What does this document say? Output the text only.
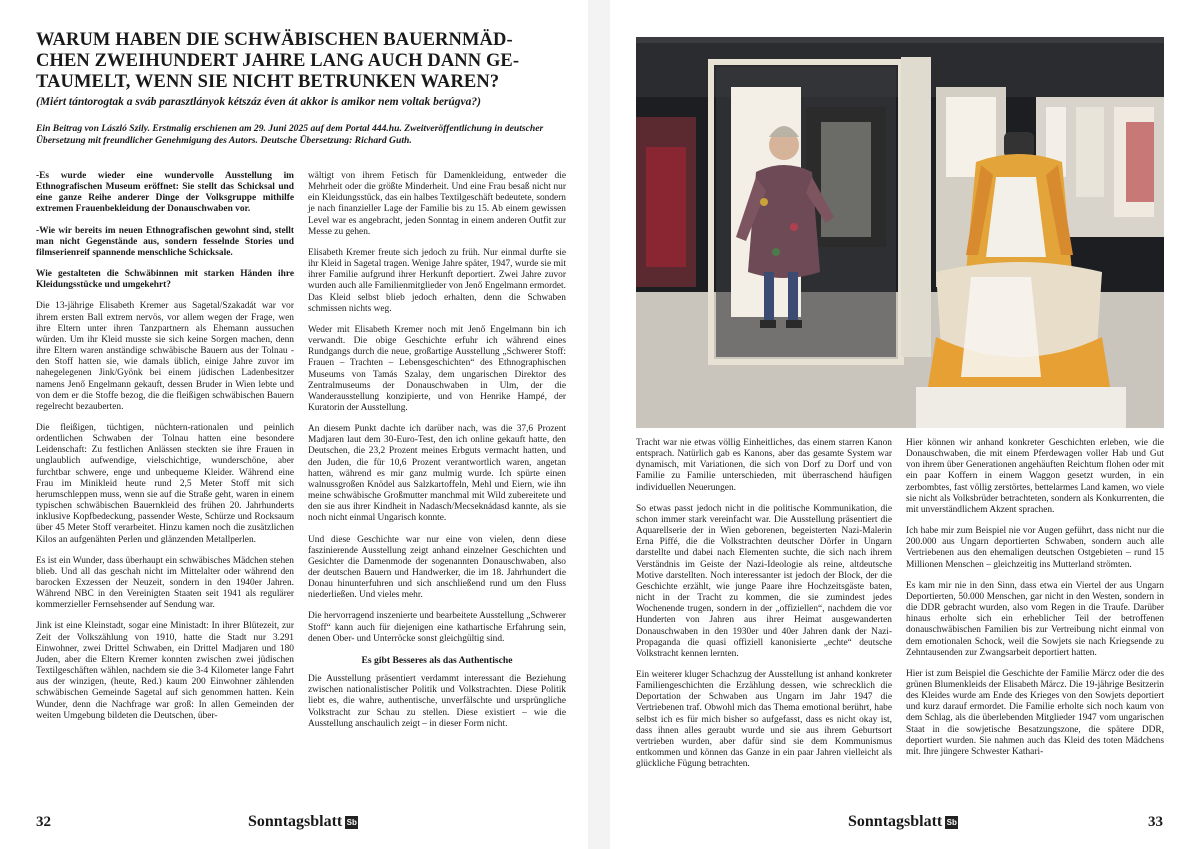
WARUM HABEN DIE SCHWÄBISCHEN BAUERNMÄD-CHEN ZWEIHUNDERT JAHRE LANG AUCH DANN GE-TAUMELT, WENN SIE NICHT BETRUNKEN WAREN?

(Miért tántorogtak a sváb parasztlányok kétszáz éven át akkor is amikor nem voltak berúgva?)

Ein Beitrag von László Szily. Erstmalig erschienen am 29. Juni 2025 auf dem Portal 444.hu. Zweitveröffentlichung in deutscher Übersetzung mit freundlicher Genehmigung des Autors. Deutsche Übersetzung: Richard Guth.

-Es wurde wieder eine wundervolle Ausstellung im Ethnografischen Museum eröffnet: Sie stellt das Schicksal und eine ganze Reihe anderer Dinge der Volksgruppe mithilfe extremen Frauenbekleidung der Donauschwaben vor.

-Wie wir bereits im neuen Ethnografischen gewohnt sind, stellt man nicht Gegenstände aus, sondern fesselnde Stories und filmserienreif spannende menschliche Schicksale.

Wie gestalteten die Schwäbinnen mit starken Händen ihre Kleidungsstücke und umgekehrt?

Die 13-jährige Elisabeth Kremer aus Sagetal/Szakadát war vor ihrem ersten Ball extrem nervös, vor allem wegen der Frage, wen ihre Eltern unter ihren Tanzpartnern als Ehemann aussuchen würden. Um ihr Kleid musste sie sich keine Sorgen machen, denn ihre Eltern waren anständige schwäbische Bauern aus der Tolnau - den Stoff hatten sie, wie damals üblich, einige Jahre zuvor im nahegelegenen Jink/Gyönk bei einem jüdischen Ladenbesitzer namens Jenő Engelmann gekauft, dessen Bruder in Wien lebte und von dem er die Stoffe bezog, die die fleißigen schwäbischen Bauern regelrecht bezauberten.

Die fleißigen, tüchtigen, nüchtern-rationalen und peinlich ordentlichen Schwaben der Tolnau hatten eine besondere Leidenschaft: Zu festlichen Anlässen steckten sie ihre Frauen in unglaublich aufwendige, vielschichtige, wunderschöne, aber furchtbar schwere, enge und unbequeme Kleider. Während eine Frau im Minikleid heute rund 2,5 Meter Stoff mit sich herumschleppen muss, wenn sie auf die Straße geht, waren in einem typischen schwäbischen Bauernkleid des frühen 20. Jahrhunderts inklusive Kopfbedeckung, passender Weste, Schürze und Rocksaum über 45 Meter Stoff verarbeitet. Hinzu kamen noch die zusätzlichen Kilos an aufgenähten Perlen und glänzenden Metallperlen.

Es ist ein Wunder, dass überhaupt ein schwäbisches Mädchen stehen blieb. Und all das geschah nicht im Mittelalter oder während den barocken Exzessen der Neuzeit, sondern in den 1940er Jahren. Während NBC in den Vereinigten Staaten seit 1941 als regulärer kommerzieller Fernsehsender auf Sendung war.

Jink ist eine Kleinstadt, sogar eine Ministadt: In ihrer Blütezeit, zur Zeit der Volkszählung von 1910, hatte die Stadt nur 3.291 Einwohner, zwei Drittel Schwaben, ein Drittel Madjaren und 180 Juden, aber die Eltern Kremer konnten zwischen zwei jüdischen Textilgeschäften wählen, nachdem sie die 3-4 Kilometer lange Fahrt aus der winzigen, (heute, Red.) kaum 200 Einwohner zählenden schwäbischen Gemeinde Sagetal auf sich genommen hatten. Kein Wunder, denn die Nachfrage war groß: In allen Gemeinden der weiten Umgebung bildeten die Deutschen, über-

wältigt von ihrem Fetisch für Damenkleidung, entweder die Mehrheit oder die größte Minderheit. Und eine Frau besaß nicht nur ein Kleidungsstück, das ein halbes Textilgeschäft bedeutete, sondern je nach finanzieller Lage der Familie bis zu 15. Ab einem gewissen Level war es angebracht, jeden Sonntag in einem anderen Outfit zur Messe zu gehen.

Elisabeth Kremer freute sich jedoch zu früh. Nur einmal durfte sie ihr Kleid in Sagetal tragen. Wenige Jahre später, 1947, wurde sie mit ihrer Familie aufgrund ihrer Herkunft deportiert. Zwei Jahre zuvor wurden auch alle Familienmitglieder von Jenő Engelmann ermordet. Das Kleid selbst blieb jedoch erhalten, denn die Schwaben schmissen nichts weg.

Weder mit Elisabeth Kremer noch mit Jenő Engelmann bin ich verwandt. Die obige Geschichte erfuhr ich während eines Rundgangs durch die neue, großartige Ausstellung „Schwerer Stoff: Frauen – Trachten – Lebensgeschichten“ des Ethnographischen Museums von Tamás Szalay, dem ungarischen Direktor des Zentralmuseums der Donauschwaben in Ulm, der die Wanderausstellung konzipierte, und von Henrike Hampé, der Kuratorin der Ausstellung.

An diesem Punkt dachte ich darüber nach, was die 37,6 Prozent Madjaren laut dem 30-Euro-Test, den ich online gekauft hatte, den Deutschen, die 23,2 Prozent meines Erbguts vermacht hatten, und den Juden, die für 10,6 Prozent verantwortlich waren, angetan hatten, während es mir ganz mulmig wurde. Ich spürte einen walnussgroßen Knödel aus Salzkartoffeln, Mehl und Eiern, wie ihn meine schwäbische Großmutter manchmal mit Wild zubereitete und den sie aus ihrer Kindheit in Nadasch/Mecseknádasd kannte, als sie noch nicht einmal Ungarisch konnte.

Und diese Geschichte war nur eine von vielen, denn diese faszinierende Ausstellung zeigt anhand einzelner Geschichten und Gesichter die Damenmode der sogenannten Donauschwaben, also der deutschen Bauern und Handwerker, die im 18. Jahrhundert die Donau hinunterfuhren und sich anschließend rund um den Fluss niederließen. Und vieles mehr.

Die hervorragend inszenierte und bearbeitete Ausstellung „Schwerer Stoff“ kann auch für diejenigen eine kathartische Erfahrung sein, denen Ober- und Unterröcke sonst gleichgültig sind.

Es gibt Besseres als das Authentische

Die Ausstellung präsentiert verdammt interessant die Beziehung zwischen nationalistischer Politik und Volkstrachten. Diese Politik liebt es, die wahre, authentische, unverfälschte und ursprüngliche Volkstracht zur Schau zu stellen. Diese existiert – wie die Ausstellung anschaulich zeigt – in dieser Form nicht.

32	Sonntagsblatt Sb

Tracht war nie etwas völlig Einheitliches, das einem starren Kanon entsprach. Natürlich gab es Kanons, aber das gesamte System war dynamisch, mit Variationen, die sich von Dorf zu Dorf und von Familie zu Familie unterschieden, mit überraschend häufigen individuellen Neuerungen.

So etwas passt jedoch nicht in die politische Kommunikation, die schon immer stark vereinfacht war. Die Ausstellung präsentiert die Aquarellserie der in Wien geborenen, begeisterten Nazi-Malerin Erna Piffé, die die Volkstrachten deutscher Dörfer in Ungarn darstellte und dabei nach Elementen suchte, die sich nach ihrem Verständnis im Geiste der Nazi-Ideologie als reine, altdeutsche Motive darstellten. Noch interessanter ist jedoch der Block, der die Geschichte erzählt, wie junge Paare ihre Hochzeitsgäste baten, nicht in der Tracht zu kommen, die sie zumindest jedes Wochenende trugen, sondern in der „offiziellen“, nachdem die vor Hunderten von Jahren aus ihrer Heimat ausgewanderten Donauschwaben in den 1930er und 40er Jahren dank der Nazi-Propaganda die quasi offiziell kanonisierte „echte“ deutsche Volkstracht kennen lernten.

Ein weiterer kluger Schachzug der Ausstellung ist anhand konkreter Familiengeschichten die Erzählung dessen, wie schrecklich die Deportation der Schwaben aus Ungarn im Jahr 1947 die Vertriebenen traf. Obwohl mich das Thema emotional berührt, habe selbst ich es für mich bisher so aufgefasst, dass es nicht okay ist, dass ihnen alles geraubt wurde und sie aus ihrem Geburtsort vertrieben wurden, aber dafür sind sie dem Kommunismus entkommen und können das Ganze in ein paar Jahren vielleicht als glückliche Fügung betrachten.

Hier können wir anhand konkreter Geschichten erleben, wie die Donauschwaben, die mit einem Pferdewagen voller Hab und Gut von ihrem über Generationen angehäuften Reichtum flohen oder mit ein paar Koffern in einem Waggon gesetzt wurden, in ein zerbombtes, fast völlig zerstörtes, bettelarmes Land kamen, wo viele sie nicht als Volksbrüder betrachteten, sondern als Konkurrenten, die mit unverständlichem Akzent sprachen.

Ich habe mir zum Beispiel nie vor Augen geführt, dass nicht nur die 200.000 aus Ungarn deportierten Schwaben, sondern auch alle Vertriebenen aus den ehemaligen deutschen Ostgebieten – rund 15 Millionen Menschen – gleichzeitig ins Mutterland strömten.

Es kam mir nie in den Sinn, dass etwa ein Viertel der aus Ungarn Deportierten, 50.000 Menschen, gar nicht in den Westen, sondern in die DDR gebracht wurden, also vom Regen in die Traufe. Darüber hinaus erholte sich ein erheblicher Teil der betroffenen donauschwäbischen Familien bis zur Vertreibung nicht einmal von dem emotionalen Schock, weil die Sowjets sie nach Kriegsende zu Zehntausenden zur Zwangsarbeit deportiert hatten.

Hier ist zum Beispiel die Geschichte der Familie Märcz oder die des grünen Blumenkleids der Elisabeth Märcz. Die 19-jährige Besitzerin des Kleides wurde am Ende des Krieges von den Sowjets deportiert und kurz darauf ermordet. Die Familie erholte sich noch kaum von dem Schlag, als die überlebenden Mitglieder 1947 vom ungarischen Staat in die sowjetische Besatzungszone, die spätere DDR, deportiert wurden. Sie nahmen auch das Kleid des toten Mädchens mit. Ihre jüngere Schwester Kathari-

Sonntagsblatt Sb	33
